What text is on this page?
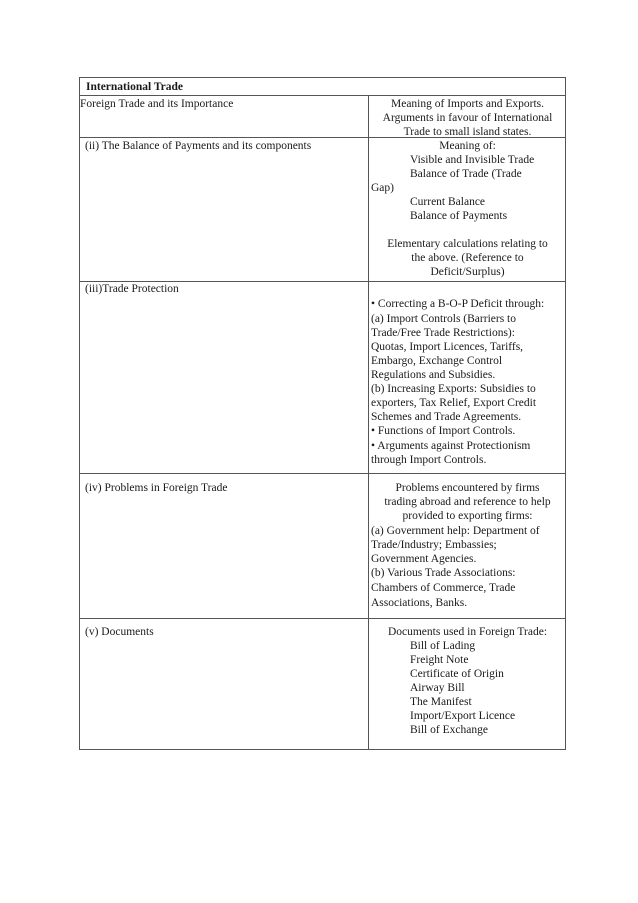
International Trade
Foreign Trade and its Importance	Meaning of Imports and Exports.
Arguments in favour of International
Trade to small island states.
(ii) The Balance of Payments and its components	Meaning of:
Visible and Invisible Trade
Balance of Trade (Trade
Gap)
Current Balance
Balance of Payments
Elementary calculations relating to
the above. (Reference to
Deficit/Surplus)
(iii)Trade Protection
• Correcting a B-O-P Deficit through:
(a) Import Controls (Barriers to
Trade/Free Trade Restrictions):
Quotas, Import Licences, Tariffs,
Embargo, Exchange Control
Regulations and Subsidies.
(b) Increasing Exports: Subsidies to
exporters, Tax Relief, Export Credit
Schemes and Trade Agreements.
• Functions of Import Controls.
• Arguments against Protectionism
through Import Controls.
(iv) Problems in Foreign Trade	Problems encountered by firms
trading abroad and reference to help
provided to exporting firms:
(a) Government help: Department of
Trade/Industry; Embassies;
Government Agencies.
(b) Various Trade Associations:
Chambers of Commerce, Trade
Associations, Banks.
(v) Documents	Documents used in Foreign Trade:
Bill of Lading
Freight Note
Certificate of Origin
Airway Bill
The Manifest
Import/Export Licence
Bill of Exchange
